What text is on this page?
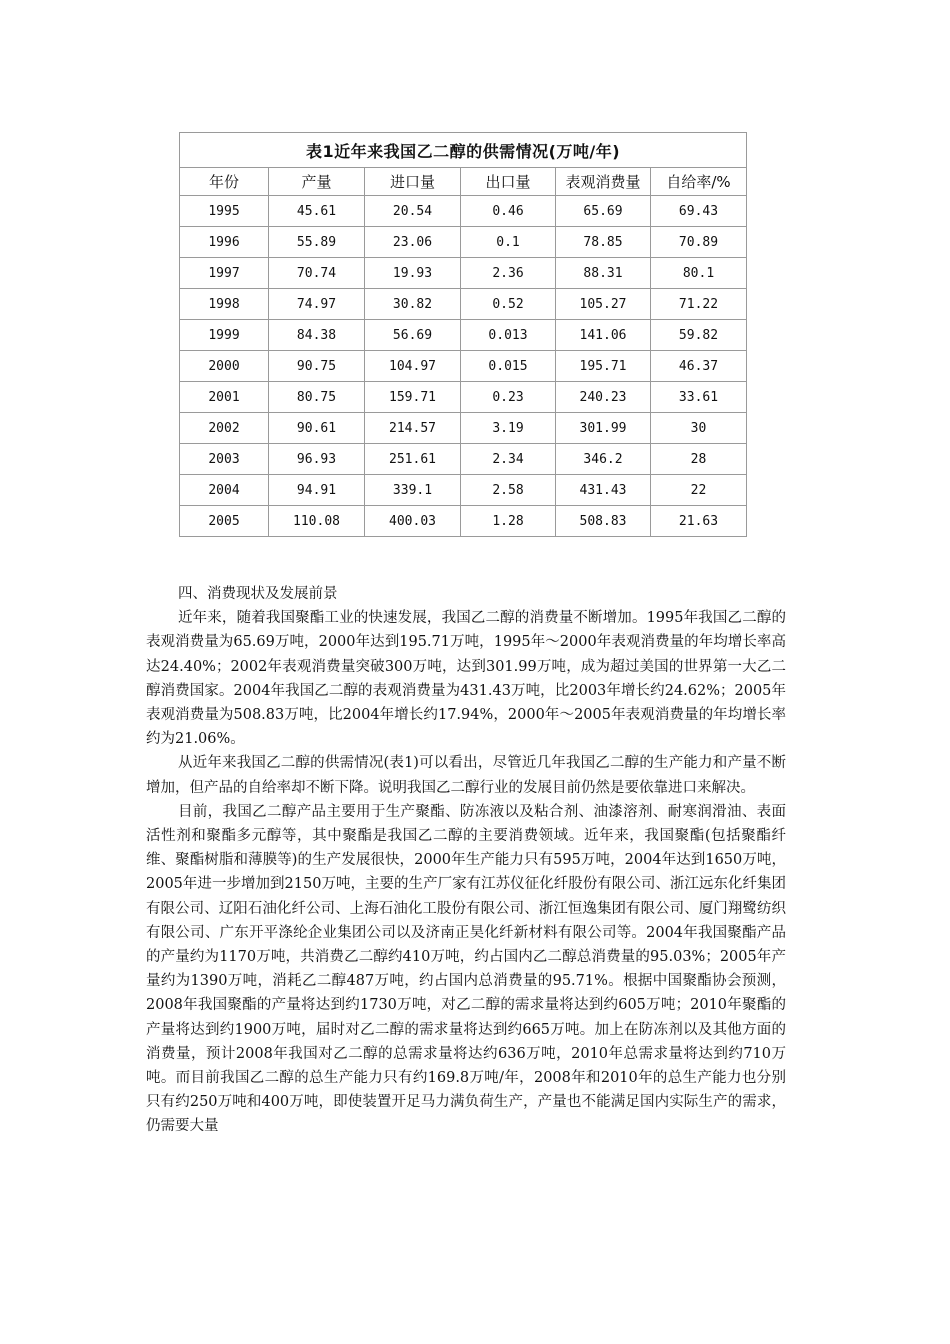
表1近年来我国乙二醇的供需情况(万吨/年)
年份	产量	进口量	出口量	表观消费量	自给率/%
1995	45.61	20.54	0.46	65.69	69.43
1996	55.89	23.06	0.1	78.85	70.89
1997	70.74	19.93	2.36	88.31	80.1
1998	74.97	30.82	0.52	105.27	71.22
1999	84.38	56.69	0.013	141.06	59.82
2000	90.75	104.97	0.015	195.71	46.37
2001	80.75	159.71	0.23	240.23	33.61
2002	90.61	214.57	3.19	301.99	30
2003	96.93	251.61	2.34	346.2	28
2004	94.91	339.1	2.58	431.43	22
2005	110.08	400.03	1.28	508.83	21.63

四、消费现状及发展前景

近年来，随着我国聚酯工业的快速发展，我国乙二醇的消费量不断增加。1995年我国乙二醇的表观消费量为65.69万吨，2000年达到195.71万吨，1995年～2000年表观消费量的年均增长率高达24.40%；2002年表观消费量突破300万吨，达到301.99万吨，成为超过美国的世界第一大乙二醇消费国家。2004年我国乙二醇的表观消费量为431.43万吨，比2003年增长约24.62%；2005年表观消费量为508.83万吨，比2004年增长约17.94%，2000年～2005年表观消费量的年均增长率约为21.06%。

从近年来我国乙二醇的供需情况(表1)可以看出，尽管近几年我国乙二醇的生产能力和产量不断增加，但产品的自给率却不断下降。说明我国乙二醇行业的发展目前仍然是要依靠进口来解决。

目前，我国乙二醇产品主要用于生产聚酯、防冻液以及粘合剂、油漆溶剂、耐寒润滑油、表面活性剂和聚酯多元醇等，其中聚酯是我国乙二醇的主要消费领域。近年来，我国聚酯(包括聚酯纤维、聚酯树脂和薄膜等)的生产发展很快，2000年生产能力只有595万吨，2004年达到1650万吨，2005年进一步增加到2150万吨，主要的生产厂家有江苏仪征化纤股份有限公司、浙江远东化纤集团有限公司、辽阳石油化纤公司、上海石油化工股份有限公司、浙江恒逸集团有限公司、厦门翔鹭纺织有限公司、广东开平涤纶企业集团公司以及济南正昊化纤新材料有限公司等。2004年我国聚酯产品的产量约为1170万吨，共消费乙二醇约410万吨，约占国内乙二醇总消费量的95.03%；2005年产量约为1390万吨，消耗乙二醇487万吨，约占国内总消费量的95.71%。根据中国聚酯协会预测，2008年我国聚酯的产量将达到约1730万吨，对乙二醇的需求量将达到约605万吨；2010年聚酯的产量将达到约1900万吨，届时对乙二醇的需求量将达到约665万吨。加上在防冻剂以及其他方面的消费量，预计2008年我国对乙二醇的总需求量将达约636万吨，2010年总需求量将达到约710万吨。而目前我国乙二醇的总生产能力只有约169.8万吨/年，2008年和2010年的总生产能力也分别只有约250万吨和400万吨，即使装置开足马力满负荷生产，产量也不能满足国内实际生产的需求，仍需要大量
